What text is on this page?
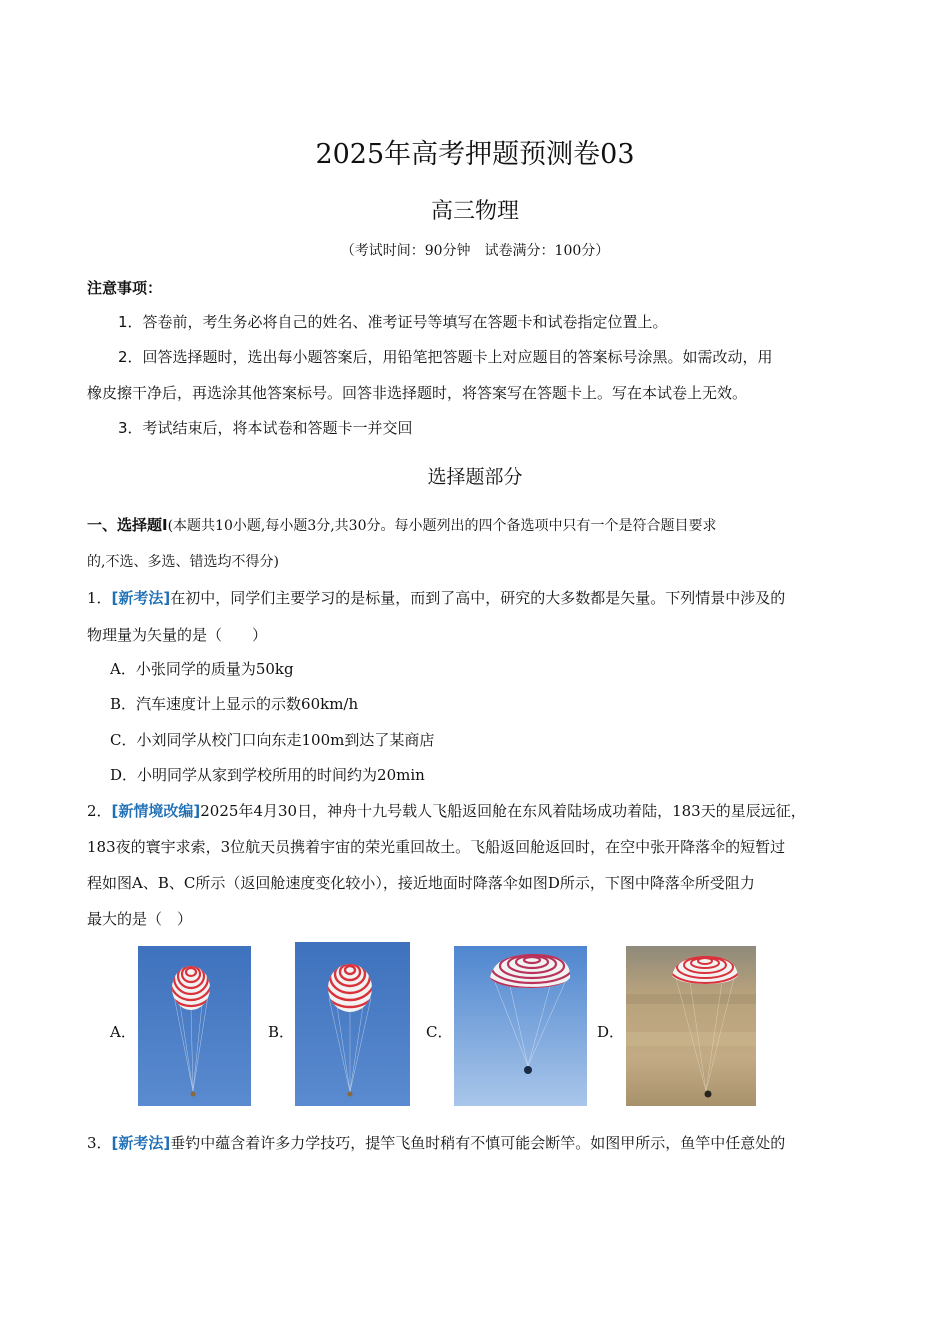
2025年高考押题预测卷03
高三物理
（考试时间：90分钟　试卷满分：100分）
注意事项：
1．答卷前，考生务必将自己的姓名、准考证号等填写在答题卡和试卷指定位置上。
2．回答选择题时，选出每小题答案后，用铅笔把答题卡上对应题目的答案标号涂黑。如需改动，用
橡皮擦干净后，再选涂其他答案标号。回答非选择题时，将答案写在答题卡上。写在本试卷上无效。
3．考试结束后，将本试卷和答题卡一并交回
选择题部分
一、选择题Ⅰ(本题共10小题,每小题3分,共30分。每小题列出的四个备选项中只有一个是符合题目要求
的,不选、多选、错选均不得分)
1．[新考法]在初中，同学们主要学习的是标量，而到了高中，研究的大多数都是矢量。下列情景中涉及的
物理量为矢量的是（　　）
A．小张同学的质量为50kg
B．汽车速度计上显示的示数60km/h
C．小刘同学从校门口向东走100m到达了某商店
D．小明同学从家到学校所用的时间约为20min
2．[新情境改编]2025年4月30日，神舟十九号载人飞船返回舱在东风着陆场成功着陆，183天的星辰远征，
183夜的寰宇求索，3位航天员携着宇宙的荣光重回故土。飞船返回舱返回时，在空中张开降落伞的短暂过
程如图A、B、C所示（返回舱速度变化较小），接近地面时降落伞如图D所示，下图中降落伞所受阻力
最大的是（　）
A．	B．	C．	D．
3．[新考法]垂钓中蕴含着许多力学技巧，提竿飞鱼时稍有不慎可能会断竿。如图甲所示，鱼竿中任意处的
